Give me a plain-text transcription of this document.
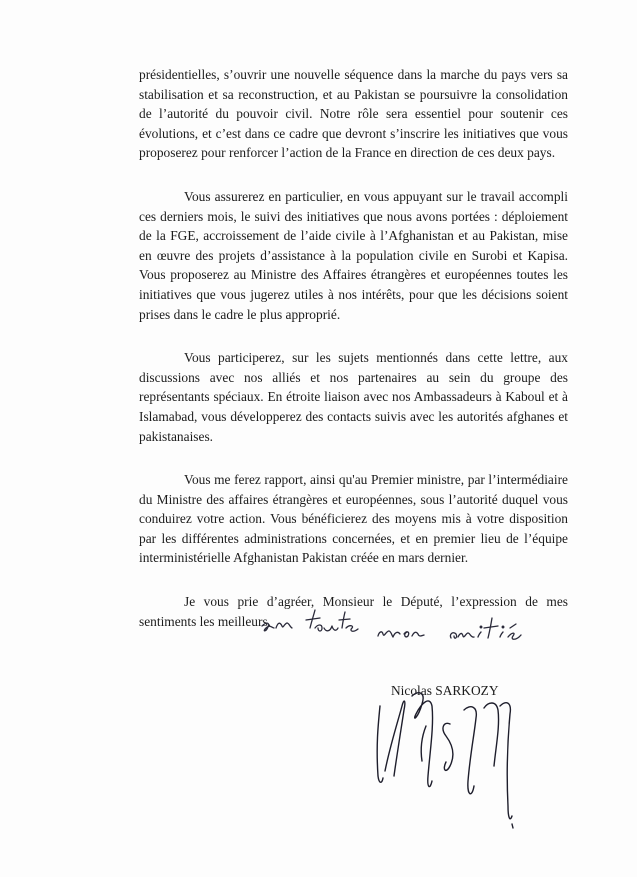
présidentielles, s’ouvrir une nouvelle séquence dans la marche du pays vers sa stabilisation et sa reconstruction, et au Pakistan se poursuivre la consolidation de l’autorité du pouvoir civil. Notre rôle sera essentiel pour soutenir ces évolutions, et c’est dans ce cadre que devront s’inscrire les initiatives que vous proposerez pour renforcer l’action de la France en direction de ces deux pays.

Vous assurerez en particulier, en vous appuyant sur le travail accompli ces derniers mois, le suivi des initiatives que nous avons portées : déploiement de la FGE, accroissement de l’aide civile à l’Afghanistan et au Pakistan, mise en œuvre des projets d’assistance à la population civile en Surobi et Kapisa. Vous proposerez au Ministre des Affaires étrangères et européennes toutes les initiatives que vous jugerez utiles à nos intérêts, pour que les décisions soient prises dans le cadre le plus approprié.

Vous participerez, sur les sujets mentionnés dans cette lettre, aux discussions avec nos alliés et nos partenaires au sein du groupe des représentants spéciaux. En étroite liaison avec nos Ambassadeurs à Kaboul et à Islamabad, vous développerez des contacts suivis avec les autorités afghanes et pakistanaises.

Vous me ferez rapport, ainsi qu'au Premier ministre, par l’intermédiaire du Ministre des affaires étrangères et européennes, sous l’autorité duquel vous conduirez votre action. Vous bénéficierez des moyens mis à votre disposition par les différentes administrations concernées, et en premier lieu de l’équipe interministérielle Afghanistan Pakistan créée en mars dernier.

Je vous prie d’agréer, Monsieur le Député, l’expression de mes sentiments les meilleurs.

Nicolas SARKOZY
